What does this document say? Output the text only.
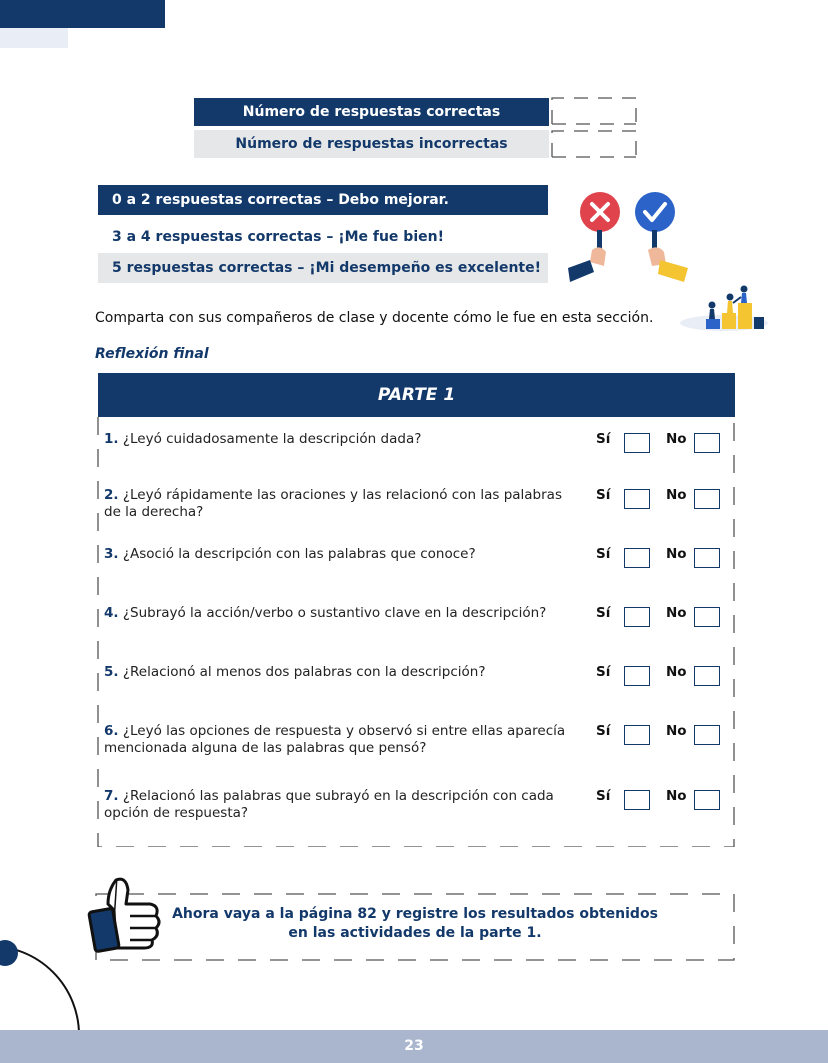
Número de respuestas correctas
Número de respuestas incorrectas
0 a 2 respuestas correctas – Debo mejorar.
3 a 4 respuestas correctas – ¡Me fue bien!
5 respuestas correctas – ¡Mi desempeño es excelente!
Comparta con sus compañeros de clase y docente cómo le fue en esta sección.
Reflexión final
PARTE 1
1. ¿Leyó cuidadosamente la descripción dada?	Sí	No
2. ¿Leyó rápidamente las oraciones y las relacionó con las palabras de la derecha?
Sí	No
3. ¿Asoció la descripción con las palabras que conoce?	Sí	No
4. ¿Subrayó la acción/verbo o sustantivo clave en la descripción?	Sí	No
5. ¿Relacionó al menos dos palabras con la descripción?	Sí	No
6. ¿Leyó las opciones de respuesta y observó si entre ellas aparecía mencionada alguna de las palabras que pensó?
Sí	No
7. ¿Relacionó las palabras que subrayó en la descripción con cada opción de respuesta?
Sí	No
Ahora vaya a la página 82 y registre los resultados obtenidos en las actividades de la parte 1.
23
